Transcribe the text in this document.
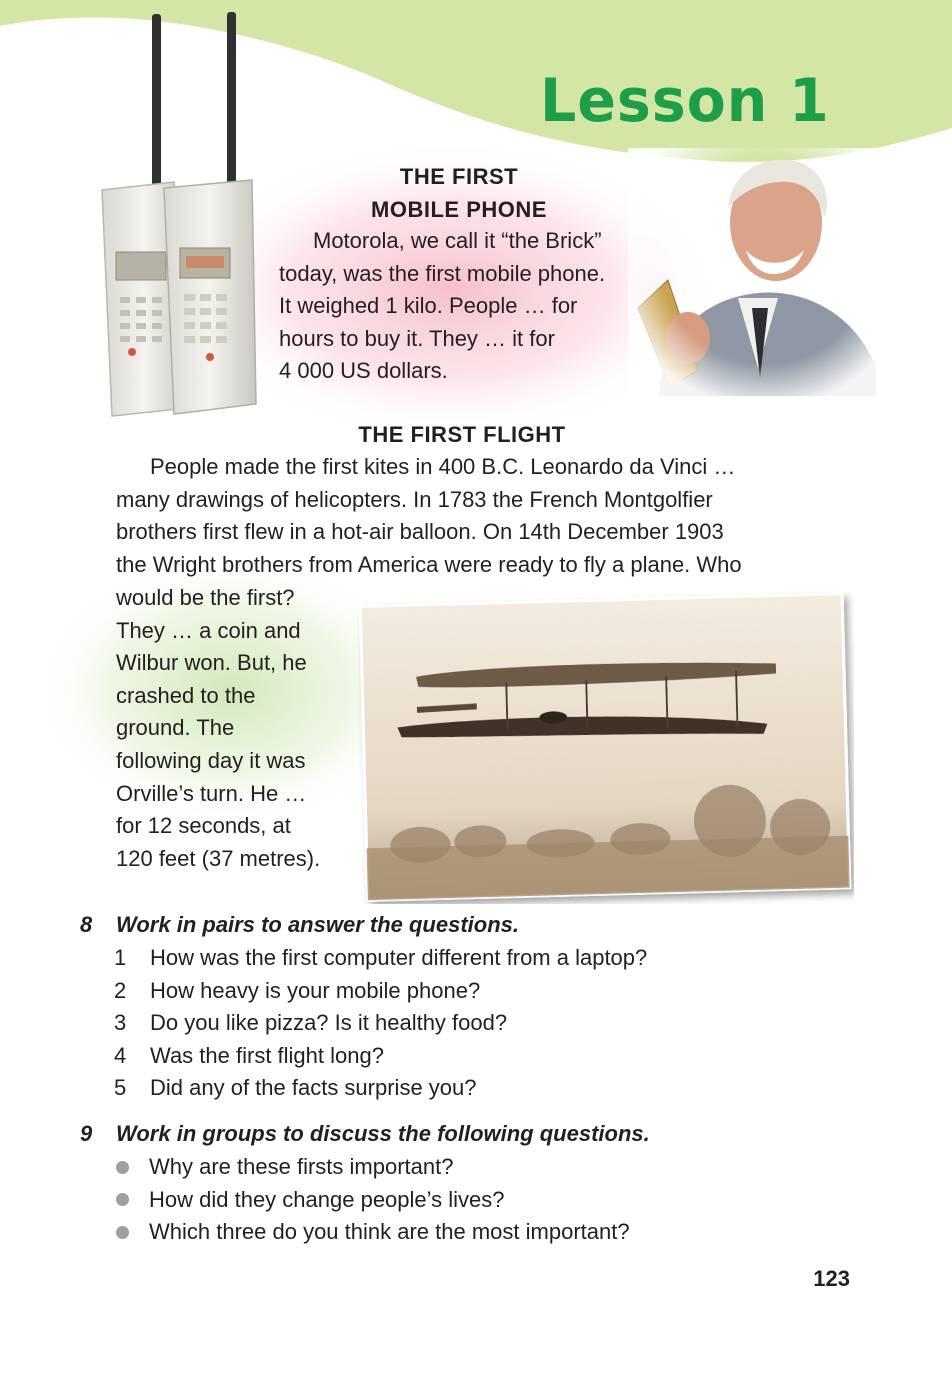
Lesson 1
THE FIRST
MOBILE PHONE
Motorola, we call it “the Brick”
today, was the first mobile phone.
It weighed 1 kilo. People … for
hours to buy it. They … it for
4 000 US dollars.
THE FIRST FLIGHT
People made the first kites in 400 B.C. Leonardo da Vinci …
many drawings of helicopters. In 1783 the French Montgolfier
brothers first flew in a hot-air balloon. On 14th December 1903
the Wright brothers from America were ready to fly a plane. Who
would be the first?
They … a coin and
Wilbur won. But, he
crashed to the
ground. The
following day it was
Orville’s turn. He …
for 12 seconds, at
120 feet (37 metres).
8 Work in pairs to answer the questions.
1	How was the first computer different from a laptop?
2	How heavy is your mobile phone?
3	Do you like pizza? Is it healthy food?
4	Was the first flight long?
5	Did any of the facts surprise you?
9 Work in groups to discuss the following questions.
Why are these firsts important?
How did they change people’s lives?
Which three do you think are the most important?
123
